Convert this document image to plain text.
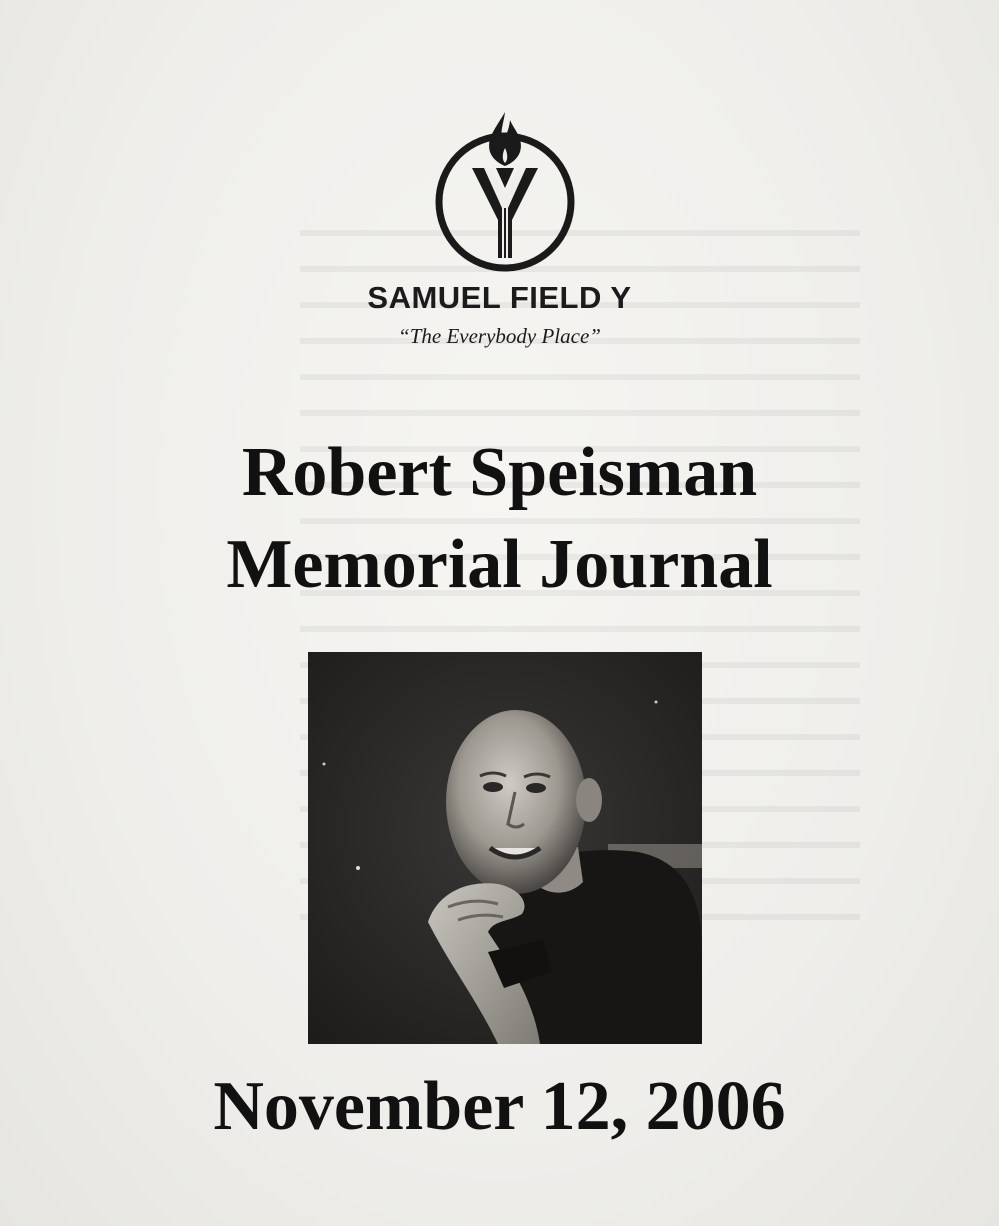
SAMUEL FIELD Y
“The Everybody Place”
Robert Speisman
Memorial Journal
November 12, 2006
